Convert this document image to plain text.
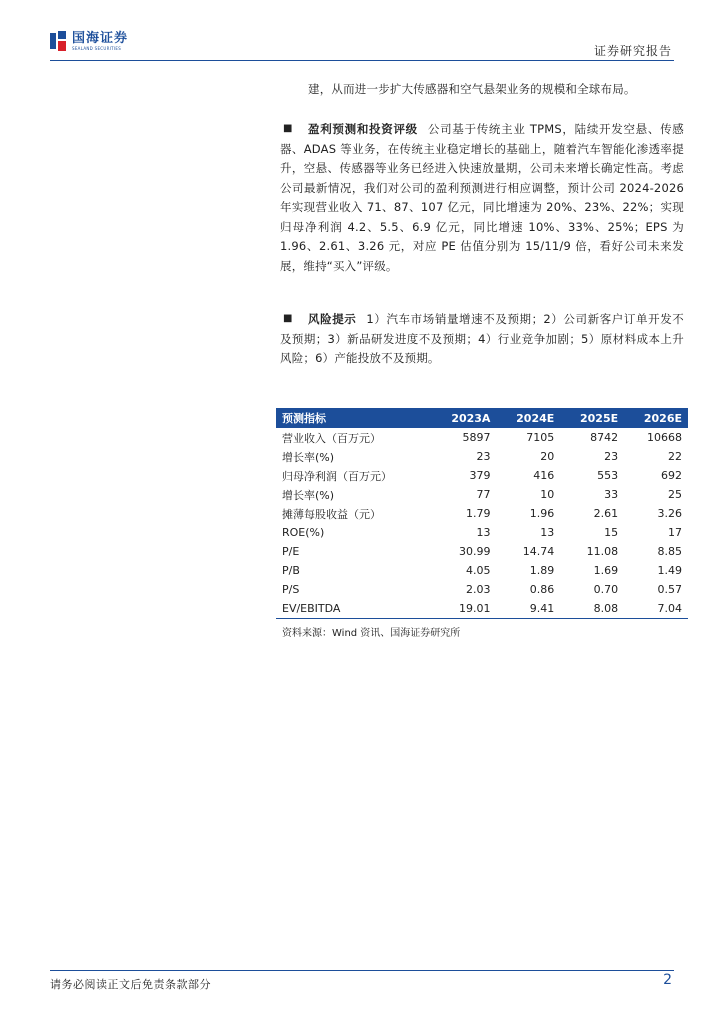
国海证券
SEALAND SECURITIES	证券研究报告
建，从而进一步扩大传感器和空气悬架业务的规模和全球布局。
■	盈利预测和投资评级 公司基于传统主业 TPMS，陆续开发空悬、传感器、ADAS 等业务，在传统主业稳定增长的基础上，随着汽车智能化渗透率提升，空悬、传感器等业务已经进入快速放量期，公司未来增长确定性高。考虑公司最新情况，我们对公司的盈利预测进行相应调整，预计公司 2024-2026 年实现营业收入 71、87、107 亿元，同比增速为 20%、23%、22%；实现归母净利润 4.2、5.5、6.9 亿元，同比增速 10%、33%、25%；EPS 为 1.96、2.61、3.26 元，对应 PE 估值分别为 15/11/9 倍，看好公司未来发展，维持“买入”评级。
■	风险提示 1）汽车市场销量增速不及预期；2）公司新客户订单开发不及预期；3）新品研发进度不及预期；4）行业竞争加剧；5）原材料成本上升风险；6）产能投放不及预期。
预测指标	2023A	2024E	2025E	2026E
营业收入（百万元）	5897	7105	8742	10668
增长率(%)	23	20	23	22
归母净利润（百万元）	379	416	553	692
增长率(%)	77	10	33	25
摊薄每股收益（元）	1.79	1.96	2.61	3.26
ROE(%)	13	13	15	17
P/E	30.99	14.74	11.08	8.85
P/B	4.05	1.89	1.69	1.49
P/S	2.03	0.86	0.70	0.57
EV/EBITDA	19.01	9.41	8.08	7.04
资料来源：Wind 资讯、国海证券研究所
请务必阅读正文后免责条款部分	2
